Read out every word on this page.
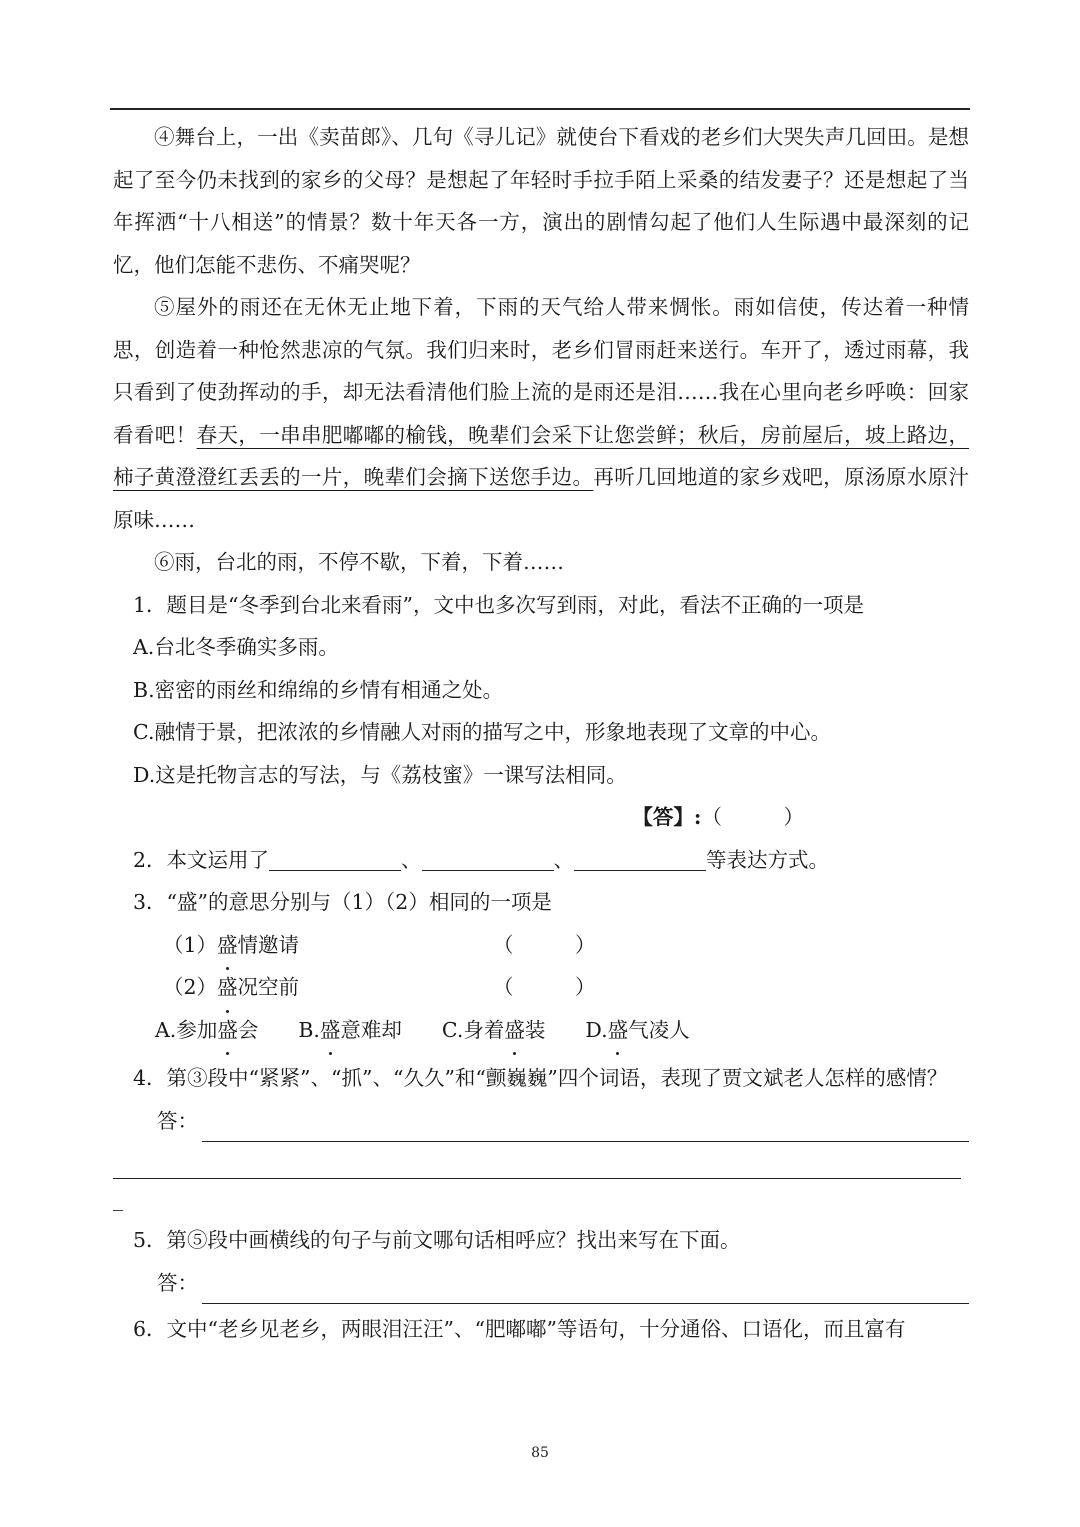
④舞台上，一出《卖苗郎》、几句《寻儿记》就使台下看戏的老乡们大哭失声几回田。是想起了至今仍未找到的家乡的父母？是想起了年轻时手拉手陌上采桑的结发妻子？还是想起了当年挥洒“十八相送”的情景？数十年天各一方，演出的剧情勾起了他们人生际遇中最深刻的记忆，他们怎能不悲伤、不痛哭呢？

⑤屋外的雨还在无休无止地下着，下雨的天气给人带来惆怅。雨如信使，传达着一种情思，创造着一种怆然悲凉的气氛。我们归来时，老乡们冒雨赶来送行。车开了，透过雨幕，我只看到了使劲挥动的手，却无法看清他们脸上流的是雨还是泪……我在心里向老乡呼唤：回家看看吧！春天，一串串肥嘟嘟的榆钱，晚辈们会采下让您尝鲜；秋后，房前屋后，坡上路边，柿子黄澄澄红丢丢的一片，晚辈们会摘下送您手边。再听几回地道的家乡戏吧，原汤原水原汁原味……

⑥雨，台北的雨，不停不歇，下着，下着……

1．题目是“冬季到台北来看雨”，文中也多次写到雨，对此，看法不正确的一项是

A.台北冬季确实多雨。

B.密密的雨丝和绵绵的乡情有相通之处。

C.融情于景，把浓浓的乡情融人对雨的描写之中，形象地表现了文章的中心。

D.这是托物言志的写法，与《荔枝蜜》一课写法相同。

【答】:（   	）

2．本文运用了	、	、	等表达方式。

3．“盛”的意思分别与（1）（2）相同的一项是

（1）盛情邀请	（   	）

（2）盛况空前	（   	）

A.参加盛会 B.盛意难却 C.身着盛装 D.盛气凌人

4．第③段中“紧紧”、“抓”、“久久”和“颤巍巍”四个词语，表现了贾文斌老人怎样的感情？

答：

_

5．第⑤段中画横线的句子与前文哪句话相呼应？找出来写在下面。

答：

6．文中“老乡见老乡，两眼泪汪汪”、“肥嘟嘟”等语句，十分通俗、口语化，而且富有

85
